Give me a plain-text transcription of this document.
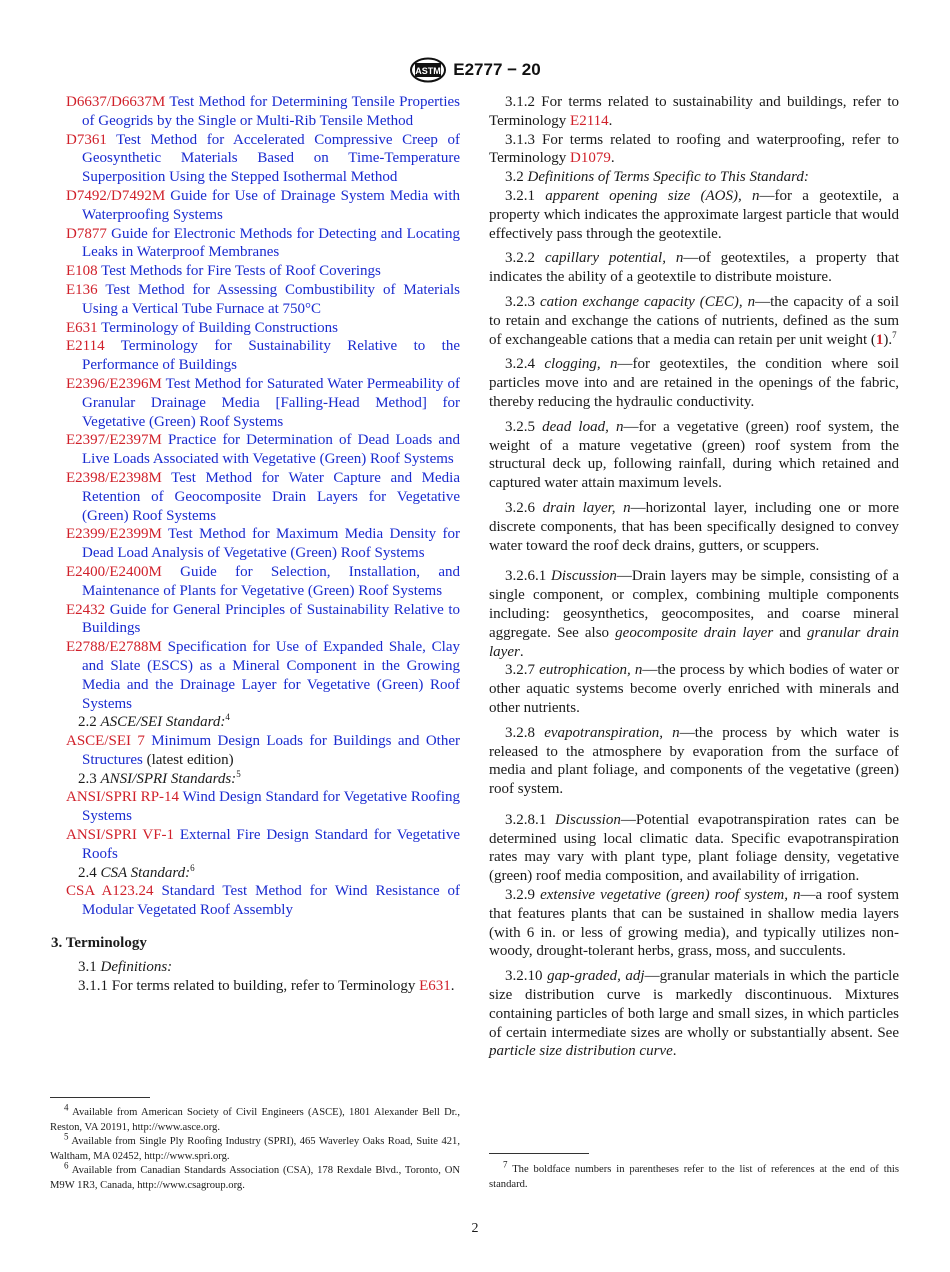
ASTM E2777 − 20

D6637/D6637M Test Method for Determining Tensile Properties of Geogrids by the Single or Multi-Rib Tensile Method

D7361 Test Method for Accelerated Compressive Creep of Geosynthetic Materials Based on Time-Temperature Superposition Using the Stepped Isothermal Method

D7492/D7492M Guide for Use of Drainage System Media with Waterproofing Systems

D7877 Guide for Electronic Methods for Detecting and Locating Leaks in Waterproof Membranes

E108 Test Methods for Fire Tests of Roof Coverings

E136 Test Method for Assessing Combustibility of Materials Using a Vertical Tube Furnace at 750°C

E631 Terminology of Building Constructions

E2114 Terminology for Sustainability Relative to the Performance of Buildings

E2396/E2396M Test Method for Saturated Water Permeability of Granular Drainage Media [Falling-Head Method] for Vegetative (Green) Roof Systems

E2397/E2397M Practice for Determination of Dead Loads and Live Loads Associated with Vegetative (Green) Roof Systems

E2398/E2398M Test Method for Water Capture and Media Retention of Geocomposite Drain Layers for Vegetative (Green) Roof Systems

E2399/E2399M Test Method for Maximum Media Density for Dead Load Analysis of Vegetative (Green) Roof Systems

E2400/E2400M Guide for Selection, Installation, and Maintenance of Plants for Vegetative (Green) Roof Systems

E2432 Guide for General Principles of Sustainability Relative to Buildings

E2788/E2788M Specification for Use of Expanded Shale, Clay and Slate (ESCS) as a Mineral Component in the Growing Media and the Drainage Layer for Vegetative (Green) Roof Systems

2.2 ASCE/SEI Standard:$^4$

ASCE/SEI 7 Minimum Design Loads for Buildings and Other Structures (latest edition)

2.3 ANSI/SPRI Standards:$^5$

ANSI/SPRI RP-14 Wind Design Standard for Vegetative Roofing Systems

ANSI/SPRI VF-1 External Fire Design Standard for Vegetative Roofs

2.4 CSA Standard:$^6$

CSA A123.24 Standard Test Method for Wind Resistance of Modular Vegetated Roof Assembly

3. Terminology

3.1 Definitions:

3.1.1 For terms related to building, refer to Terminology E631.

3.1.2 For terms related to sustainability and buildings, refer to Terminology E2114.

3.1.3 For terms related to roofing and waterproofing, refer to Terminology D1079.

3.2 Definitions of Terms Specific to This Standard:

3.2.1 apparent opening size (AOS), n—for a geotextile, a property which indicates the approximate largest particle that would effectively pass through the geotextile.

3.2.2 capillary potential, n—of geotextiles, a property that indicates the ability of a geotextile to distribute moisture.

3.2.3 cation exchange capacity (CEC), n—the capacity of a soil to retain and exchange the cations of nutrients, defined as the sum of exchangeable cations that a media can retain per unit weight (1).$^7$

3.2.4 clogging, n—for geotextiles, the condition where soil particles move into and are retained in the openings of the fabric, thereby reducing the hydraulic conductivity.

3.2.5 dead load, n—for a vegetative (green) roof system, the weight of a mature vegetative (green) roof system from the structural deck up, following rainfall, during which retained and captured water attain maximum levels.

3.2.6 drain layer, n—horizontal layer, including one or more discrete components, that has been specifically designed to convey water toward the roof deck drains, gutters, or scuppers.

3.2.6.1 Discussion—Drain layers may be simple, consisting of a single component, or complex, combining multiple components including: geosynthetics, geocomposites, and coarse mineral aggregate. See also geocomposite drain layer and granular drain layer.

3.2.7 eutrophication, n—the process by which bodies of water or other aquatic systems become overly enriched with minerals and other nutrients.

3.2.8 evapotranspiration, n—the process by which water is released to the atmosphere by evaporation from the surface of media and plant foliage, and components of the vegetative (green) roof system.

3.2.8.1 Discussion—Potential evapotranspiration rates can be determined using local climatic data. Specific evapotranspiration rates may vary with plant type, plant foliage density, vegetative (green) roof media composition, and availability of irrigation.

3.2.9 extensive vegetative (green) roof system, n—a roof system that features plants that can be sustained in shallow media layers (with 6 in. or less of growing media), and typically utilizes non-woody, drought-tolerant herbs, grass, moss, and succulents.

3.2.10 gap-graded, adj—granular materials in which the particle size distribution curve is markedly discontinuous. Mixtures containing particles of both large and small sizes, in which particles of certain intermediate sizes are wholly or substantially absent. See particle size distribution curve.

$^4$ Available from American Society of Civil Engineers (ASCE), 1801 Alexander Bell Dr., Reston, VA 20191, http://www.asce.org.

$^5$ Available from Single Ply Roofing Industry (SPRI), 465 Waverley Oaks Road, Suite 421, Waltham, MA 02452, http://www.spri.org.

$^6$ Available from Canadian Standards Association (CSA), 178 Rexdale Blvd., Toronto, ON M9W 1R3, Canada, http://www.csagroup.org.

$^7$ The boldface numbers in parentheses refer to the list of references at the end of this standard.

2
